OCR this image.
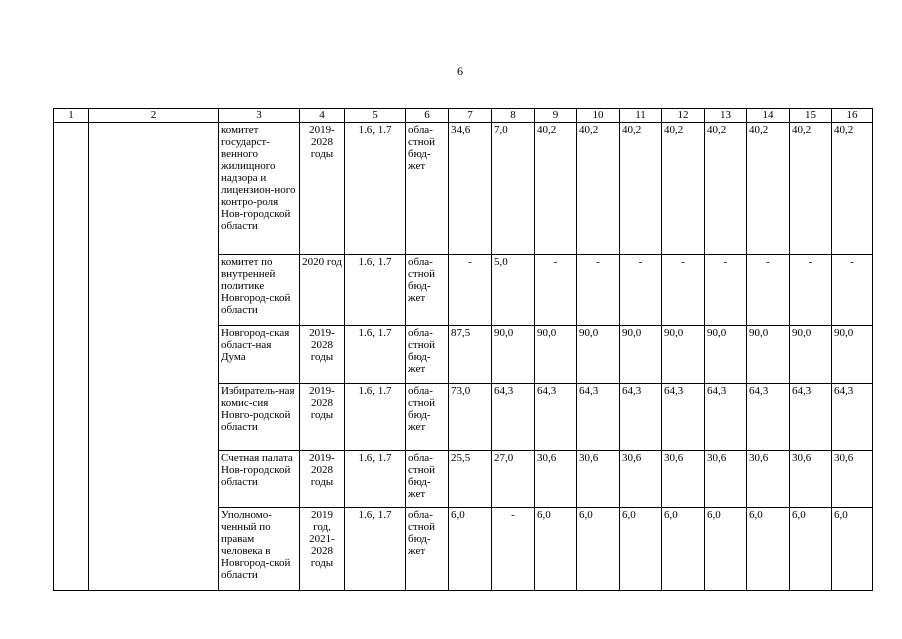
6
1	2	3	4	5	6	7	8	9	10	11	12	13	14	15	16
		комитет государст-венного жилищного надзора и лицензион-ного контро-роля Нов-городской области	2019-2028 годы	1.6, 1.7	обла-стной бюд-жет	34,6	7,0	40,2	40,2	40,2	40,2	40,2	40,2	40,2	40,2
		комитет по внутренней политике Новгород-ской области	2020 год	1.6, 1.7	обла-стной бюд-жет	-	5,0	-	-	-	-	-	-	-	-
		Новгород-ская област-ная Дума	2019-2028 годы	1.6, 1.7	обла-стной бюд-жет	87,5	90,0	90,0	90,0	90,0	90,0	90,0	90,0	90,0	90,0
		Избиратель-ная комис-сия Новго-родской области	2019-2028 годы	1.6, 1.7	обла-стной бюд-жет	73,0	64,3	64,3	64,3	64,3	64,3	64,3	64,3	64,3	64,3
		Счетная палата Нов-городской области	2019-2028 годы	1.6, 1.7	обла-стной бюд-жет	25,5	27,0	30,6	30,6	30,6	30,6	30,6	30,6	30,6	30,6
		Уполномо-ченный по правам человека в Новгород-ской области	2019 год, 2021-2028 годы	1.6, 1.7	обла-стной бюд-жет	6,0	-	6,0	6,0	6,0	6,0	6,0	6,0	6,0	6,0
